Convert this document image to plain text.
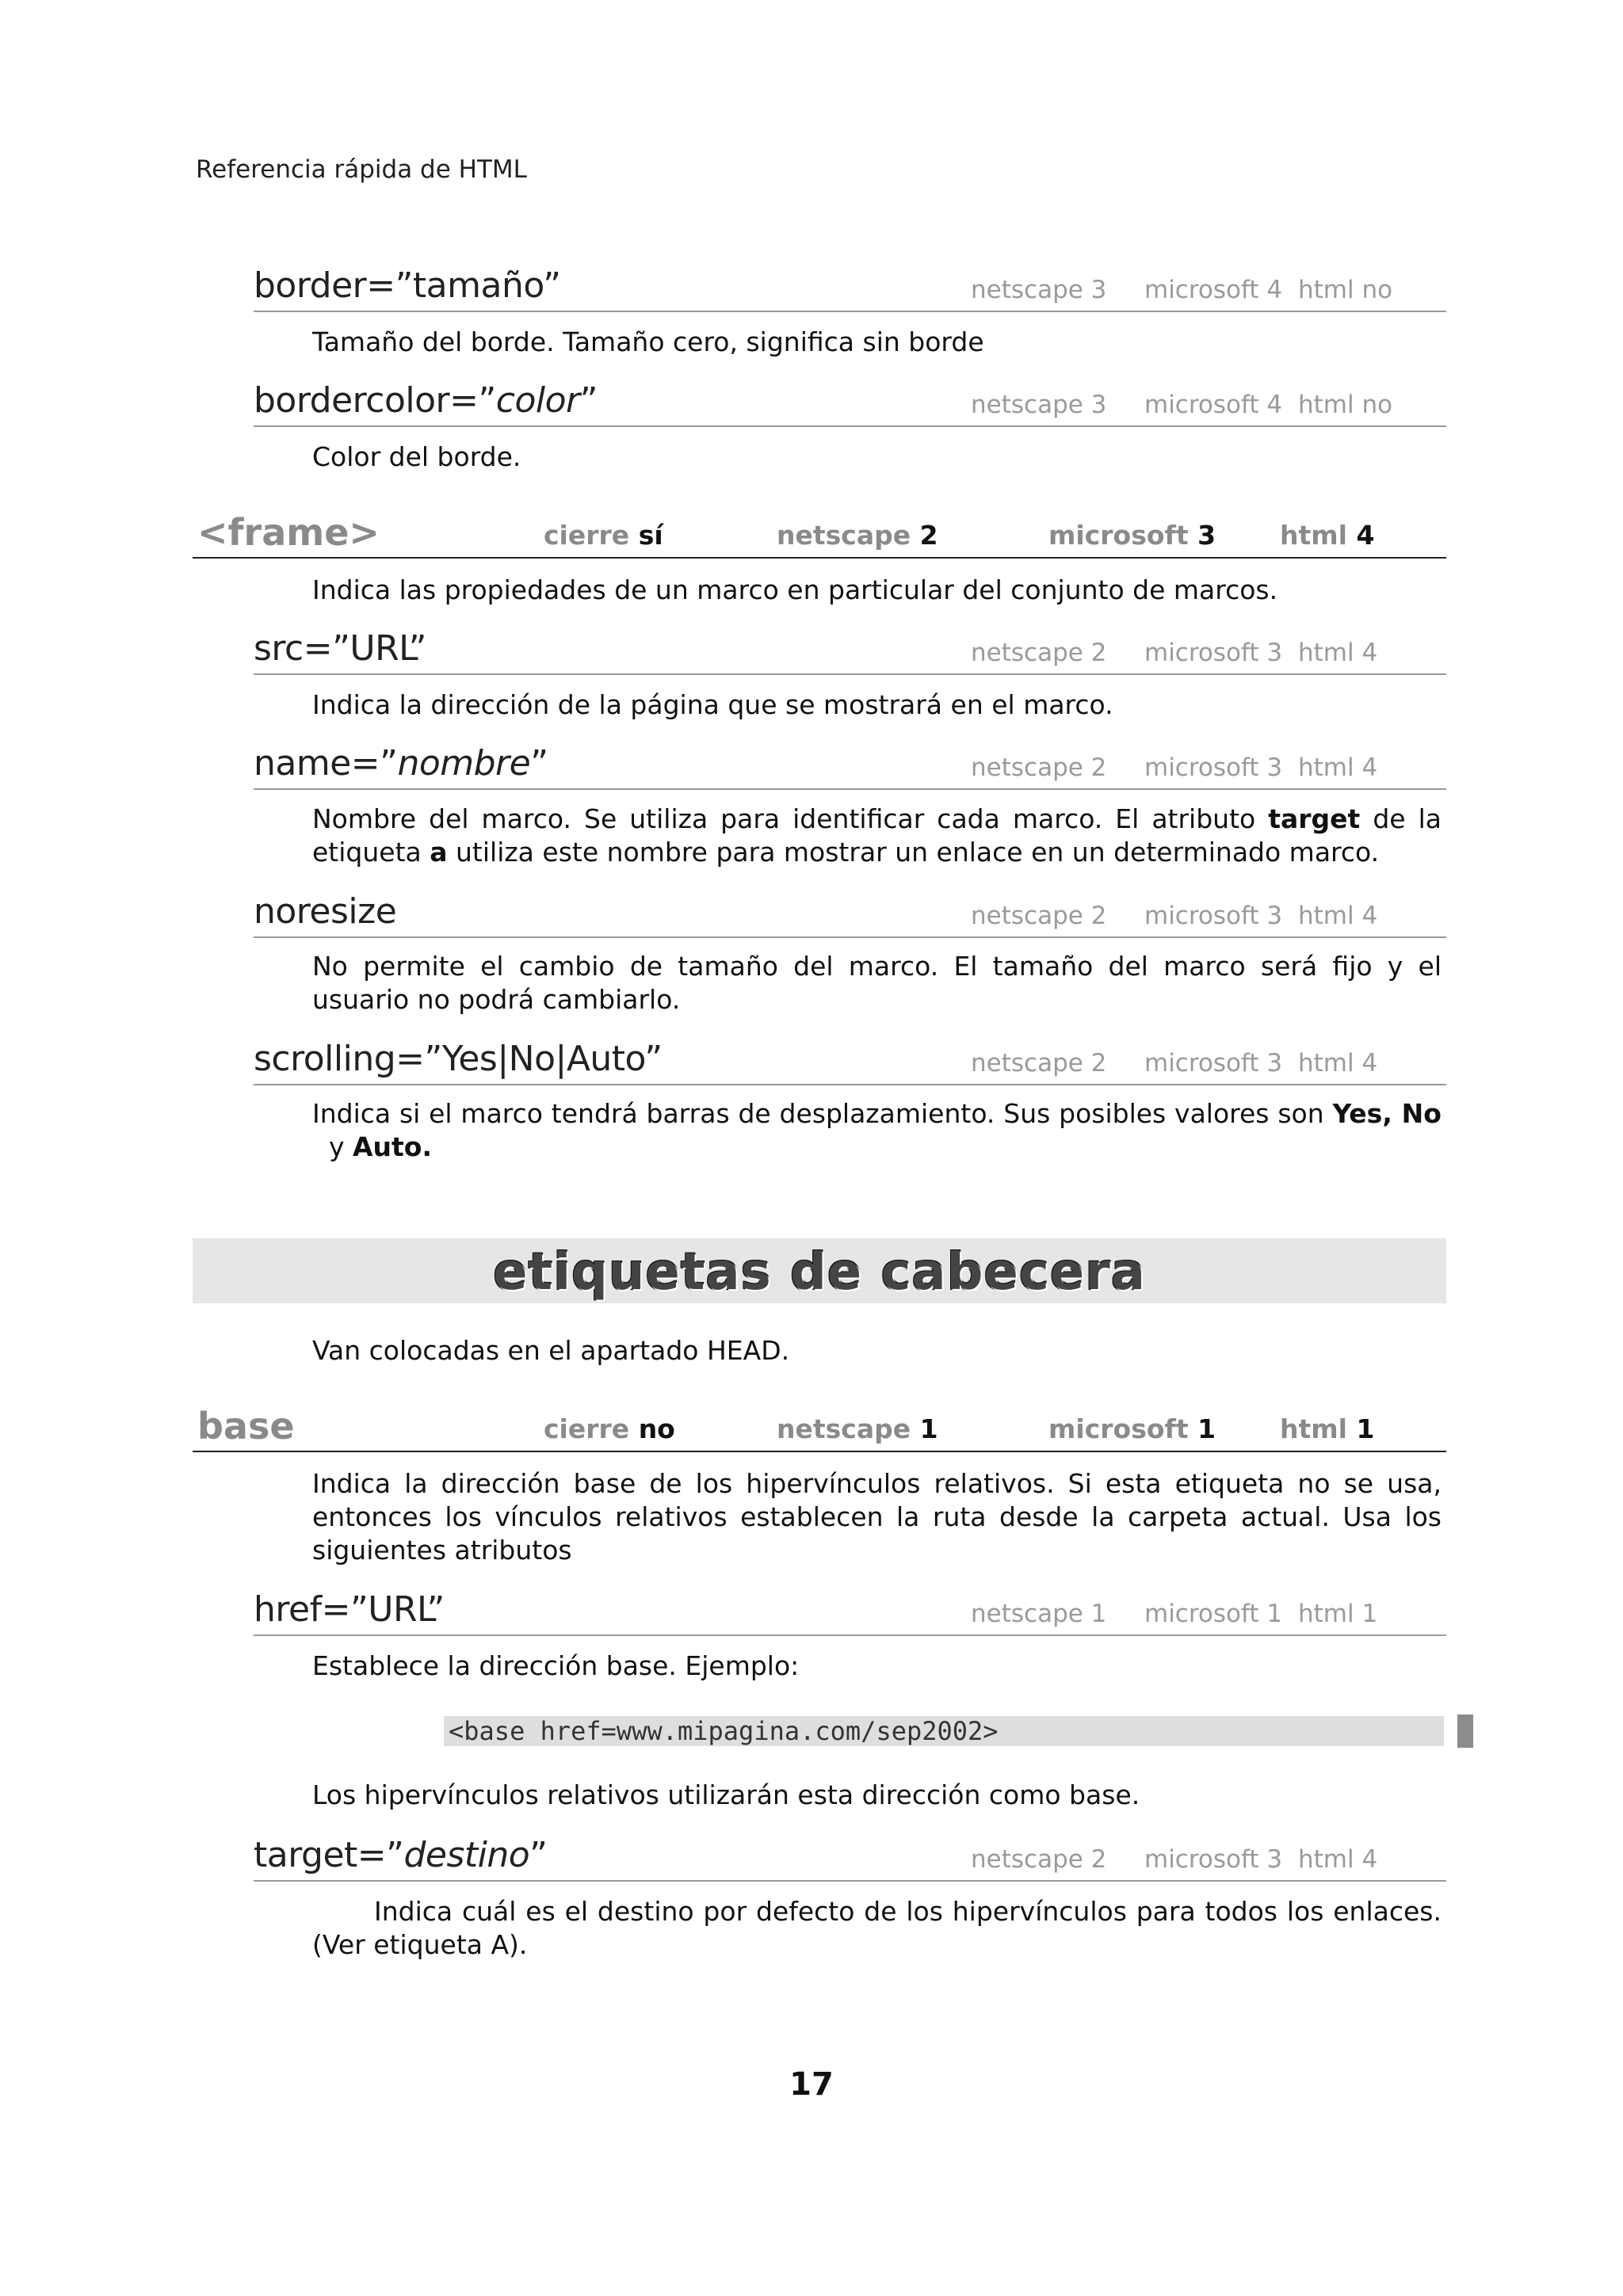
Referencia rápida de HTML
border=”tamaño”	netscape 3 microsoft 4 html no
Tamaño del borde. Tamaño cero, significa sin borde
bordercolor=”color”	netscape 3 microsoft 4 html no
Color del borde.
<frame>	cierre sí	netscape 2	microsoft 3 html 4
Indica las propiedades de un marco en particular del conjunto de marcos.
src=”URL”	netscape 2 microsoft 3 html 4
Indica la dirección de la página que se mostrará en el marco.
name=”nombre”	netscape 2 microsoft 3 html 4
Nombre del marco. Se utiliza para identificar cada marco. El atributo target de la etiqueta a utiliza este nombre para mostrar un enlace en un determinado marco.
noresize	netscape 2 microsoft 3 html 4
No permite el cambio de tamaño del marco. El tamaño del marco será fijo y el usuario no podrá cambiarlo.
scrolling=”Yes|No|Auto”	netscape 2 microsoft 3 html 4
Indica si el marco tendrá barras de desplazamiento. Sus posibles valores son Yes, No  y Auto.
etiquetas de cabecera
Van colocadas en el apartado HEAD.
base	cierre no	netscape 1	microsoft 1 html 1
Indica la dirección base de los hipervínculos relativos. Si esta etiqueta no se usa, entonces los vínculos relativos establecen la ruta desde la carpeta actual. Usa los siguientes atributos
href=”URL”	netscape 1 microsoft 1 html 1
Establece la dirección base. Ejemplo:
<base href=www.mipagina.com/sep2002>
Los hipervínculos relativos utilizarán esta dirección como base.
target=”destino”	netscape 2 microsoft 3 html 4
Indica cuál es el destino por defecto de los hipervínculos para todos los enlaces. (Ver etiqueta A).
17
